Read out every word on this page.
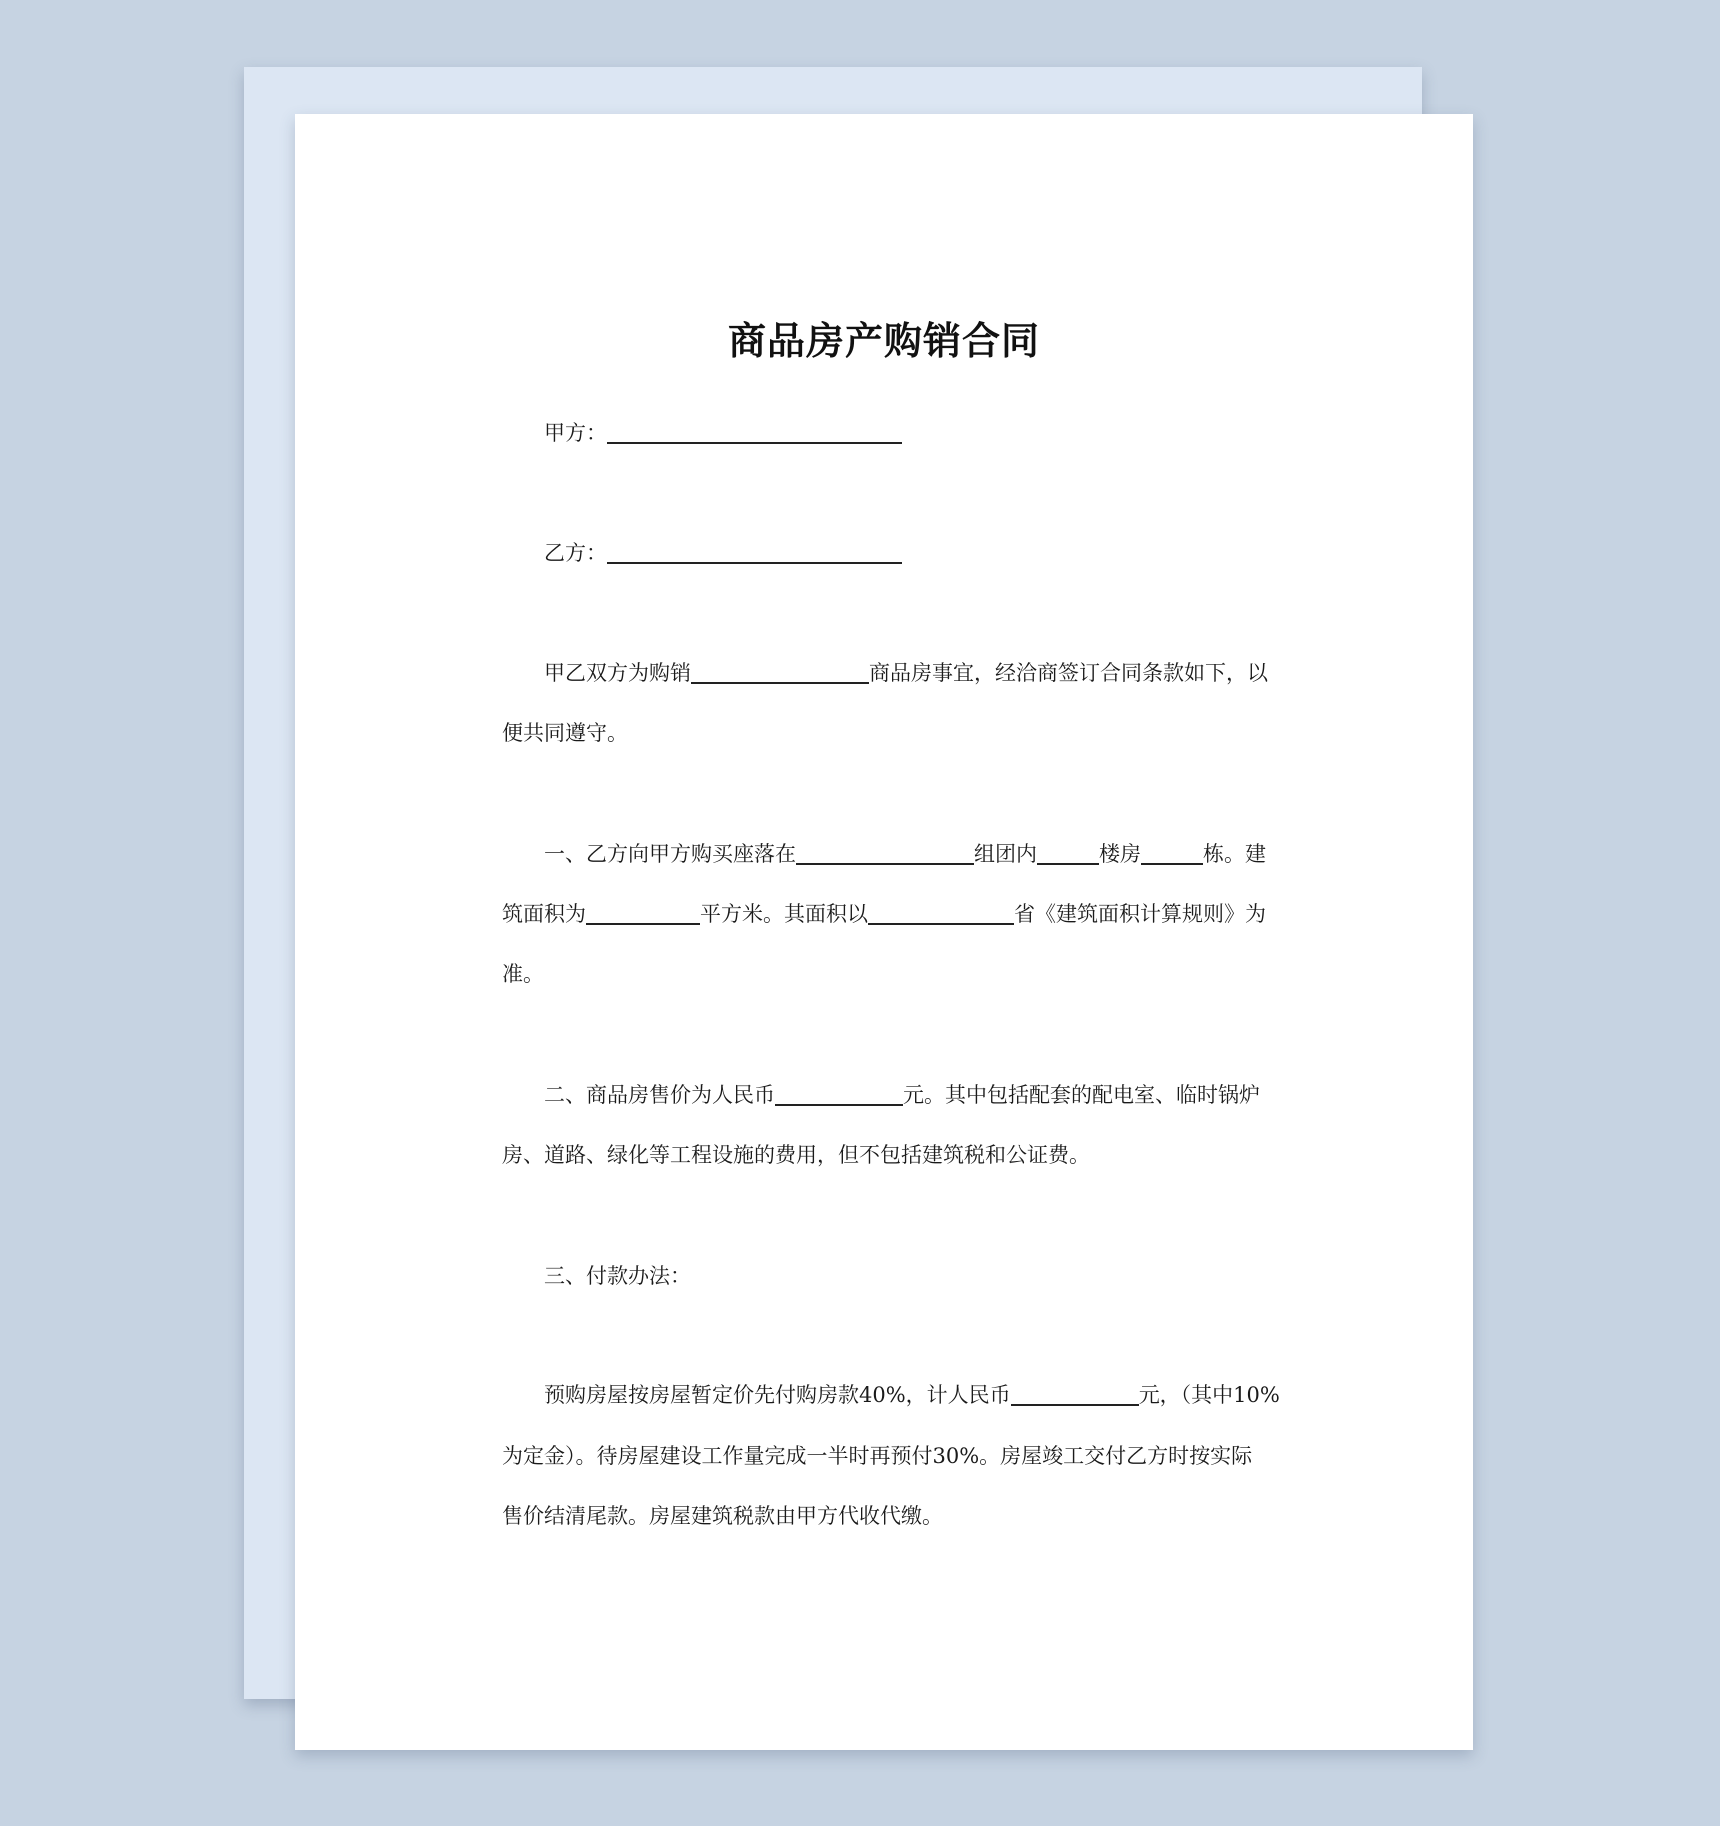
商品房产购销合同
甲方：
乙方：
甲乙双方为购销	商品房事宜，经洽商签订合同条款如下，以
便共同遵守。
一、乙方向甲方购买座落在	组团内	楼房	栋。建
筑面积为	平方米。其面积以	省《建筑面积计算规则》为
准。
二、商品房售价为人民币	元。其中包括配套的配电室、临时锅炉
房、道路、绿化等工程设施的费用，但不包括建筑税和公证费。
三、付款办法：
预购房屋按房屋暂定价先付购房款40%，计人民币	元，（其中10%
为定金）。待房屋建设工作量完成一半时再预付30%。房屋竣工交付乙方时按实际
售价结清尾款。房屋建筑税款由甲方代收代缴。
